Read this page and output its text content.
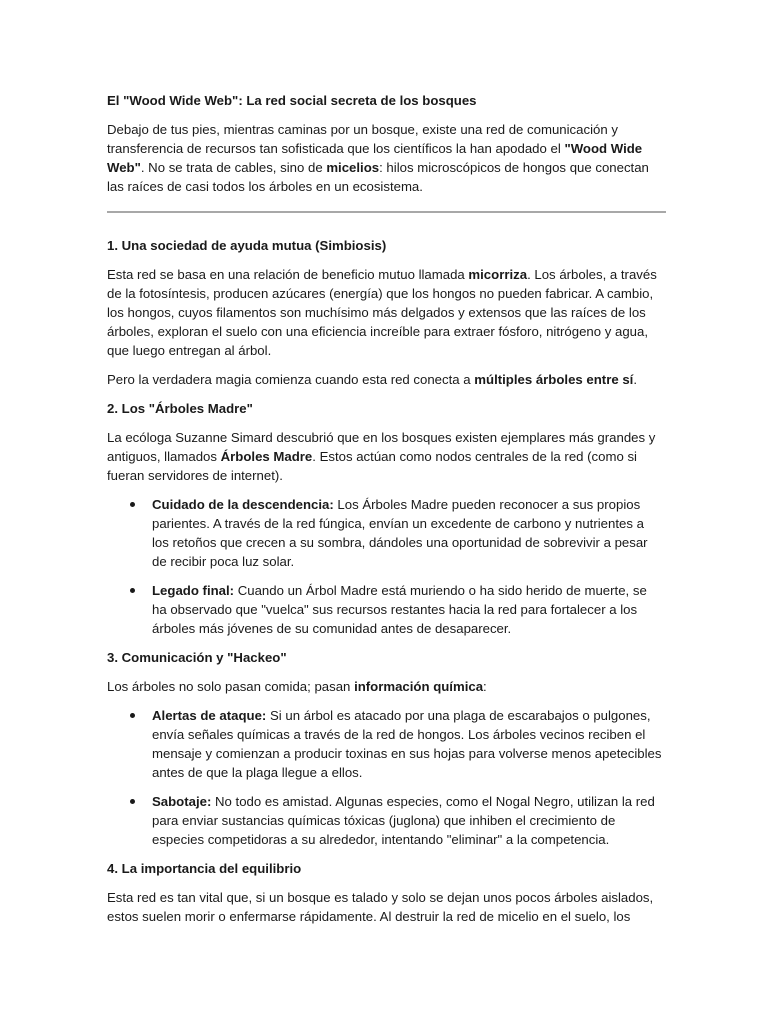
El "Wood Wide Web": La red social secreta de los bosques

Debajo de tus pies, mientras caminas por un bosque, existe una red de comunicación y transferencia de recursos tan sofisticada que los científicos la han apodado el "Wood Wide Web". No se trata de cables, sino de micelios: hilos microscópicos de hongos que conectan las raíces de casi todos los árboles en un ecosistema.

1. Una sociedad de ayuda mutua (Simbiosis)

Esta red se basa en una relación de beneficio mutuo llamada micorriza. Los árboles, a través de la fotosíntesis, producen azúcares (energía) que los hongos no pueden fabricar. A cambio, los hongos, cuyos filamentos son muchísimo más delgados y extensos que las raíces de los árboles, exploran el suelo con una eficiencia increíble para extraer fósforo, nitrógeno y agua, que luego entregan al árbol.

Pero la verdadera magia comienza cuando esta red conecta a múltiples árboles entre sí.

2. Los "Árboles Madre"

La ecóloga Suzanne Simard descubrió que en los bosques existen ejemplares más grandes y antiguos, llamados Árboles Madre. Estos actúan como nodos centrales de la red (como si fueran servidores de internet).

Cuidado de la descendencia: Los Árboles Madre pueden reconocer a sus propios parientes. A través de la red fúngica, envían un excedente de carbono y nutrientes a los retoños que crecen a su sombra, dándoles una oportunidad de sobrevivir a pesar de recibir poca luz solar.
Legado final: Cuando un Árbol Madre está muriendo o ha sido herido de muerte, se ha observado que "vuelca" sus recursos restantes hacia la red para fortalecer a los árboles más jóvenes de su comunidad antes de desaparecer.

3. Comunicación y "Hackeo"

Los árboles no solo pasan comida; pasan información química:

Alertas de ataque: Si un árbol es atacado por una plaga de escarabajos o pulgones, envía señales químicas a través de la red de hongos. Los árboles vecinos reciben el mensaje y comienzan a producir toxinas en sus hojas para volverse menos apetecibles antes de que la plaga llegue a ellos.
Sabotaje: No todo es amistad. Algunas especies, como el Nogal Negro, utilizan la red para enviar sustancias químicas tóxicas (juglona) que inhiben el crecimiento de especies competidoras a su alrededor, intentando "eliminar" a la competencia.

4. La importancia del equilibrio

Esta red es tan vital que, si un bosque es talado y solo se dejan unos pocos árboles aislados, estos suelen morir o enfermarse rápidamente. Al destruir la red de micelio en el suelo, los
